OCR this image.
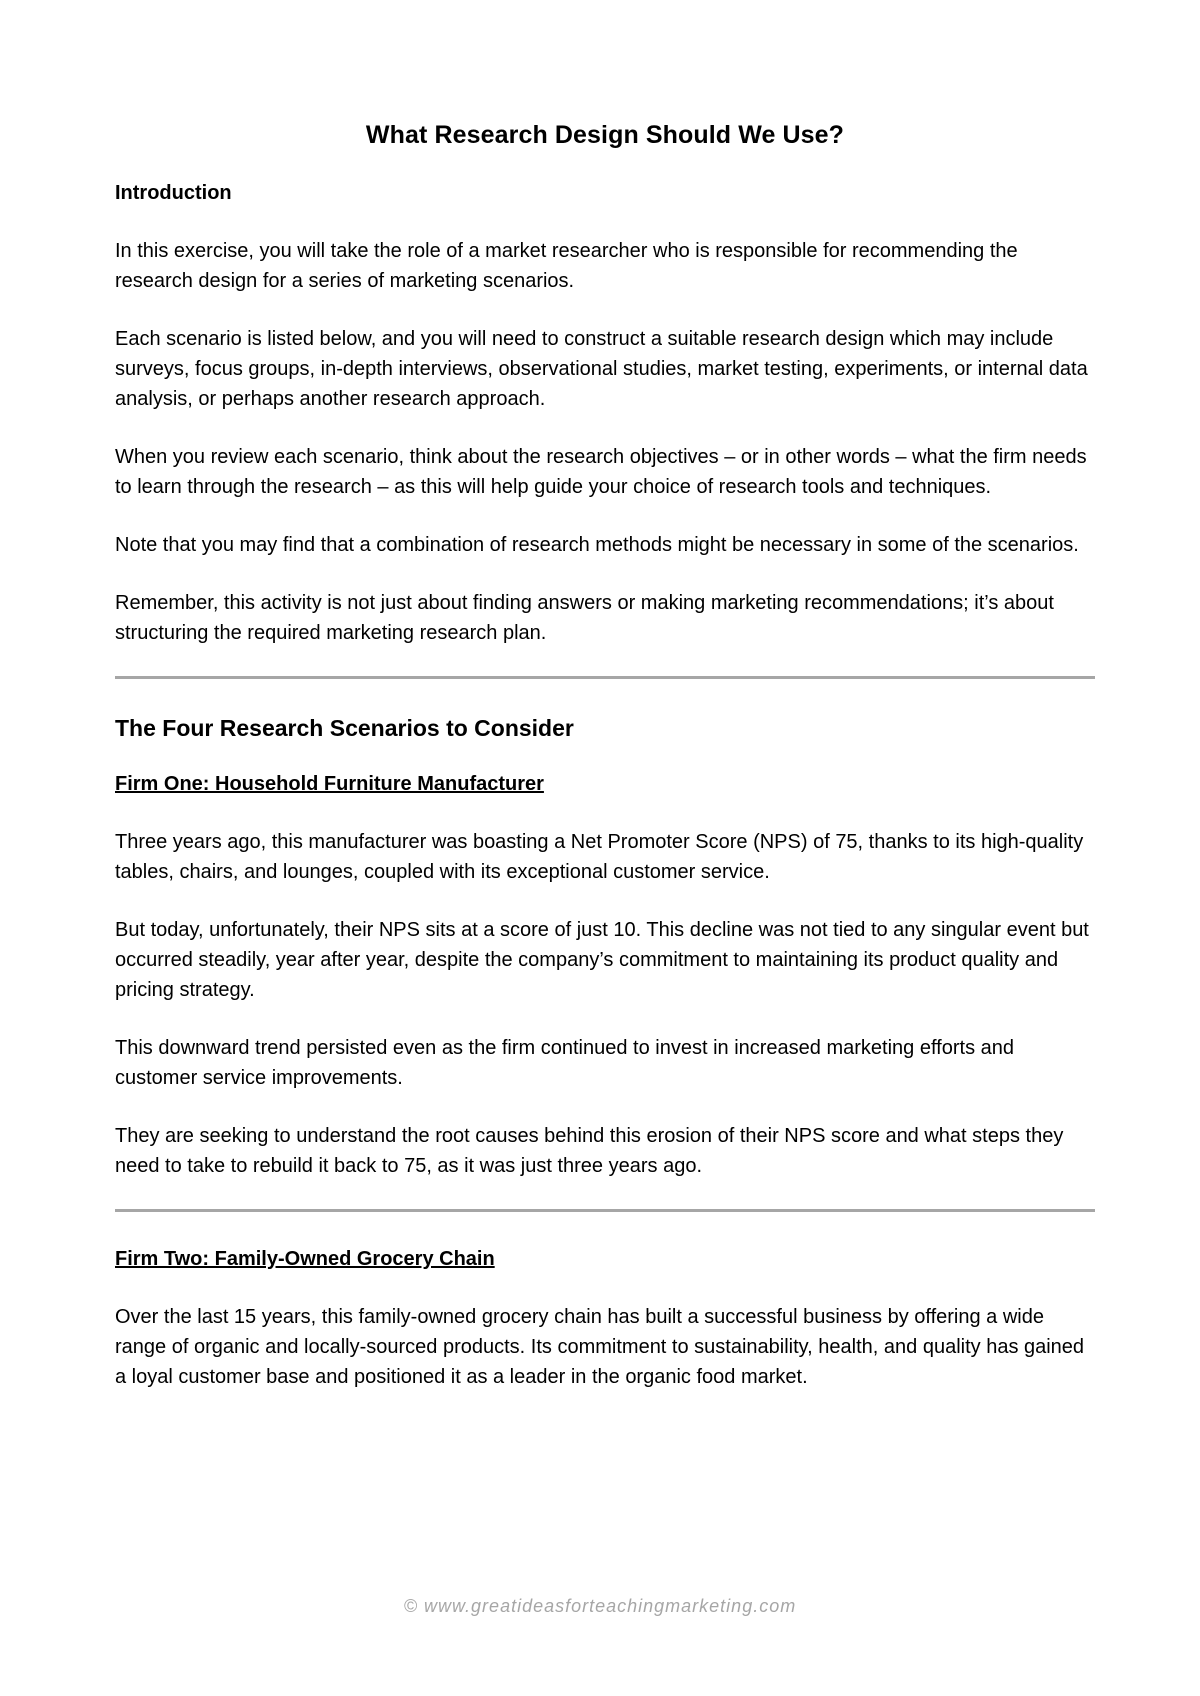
What Research Design Should We Use?
Introduction

In this exercise, you will take the role of a market researcher who is responsible for recommending the research design for a series of marketing scenarios.

Each scenario is listed below, and you will need to construct a suitable research design which may include surveys, focus groups, in-depth interviews, observational studies, market testing, experiments, or internal data analysis, or perhaps another research approach.

When you review each scenario, think about the research objectives – or in other words – what the firm needs to learn through the research – as this will help guide your choice of research tools and techniques.

Note that you may find that a combination of research methods might be necessary in some of the scenarios.

Remember, this activity is not just about finding answers or making marketing recommendations; it’s about structuring the required marketing research plan.

The Four Research Scenarios to Consider
Firm One: Household Furniture Manufacturer

Three years ago, this manufacturer was boasting a Net Promoter Score (NPS) of 75, thanks to its high-quality tables, chairs, and lounges, coupled with its exceptional customer service.

But today, unfortunately, their NPS sits at a score of just 10. This decline was not tied to any singular event but occurred steadily, year after year, despite the company’s commitment to maintaining its product quality and pricing strategy.

This downward trend persisted even as the firm continued to invest in increased marketing efforts and customer service improvements.

They are seeking to understand the root causes behind this erosion of their NPS score and what steps they need to take to rebuild it back to 75, as it was just three years ago.

Firm Two: Family-Owned Grocery Chain

Over the last 15 years, this family-owned grocery chain has built a successful business by offering a wide range of organic and locally-sourced products. Its commitment to sustainability, health, and quality has gained a loyal customer base and positioned it as a leader in the organic food market.

© www.greatideasforteachingmarketing.com
